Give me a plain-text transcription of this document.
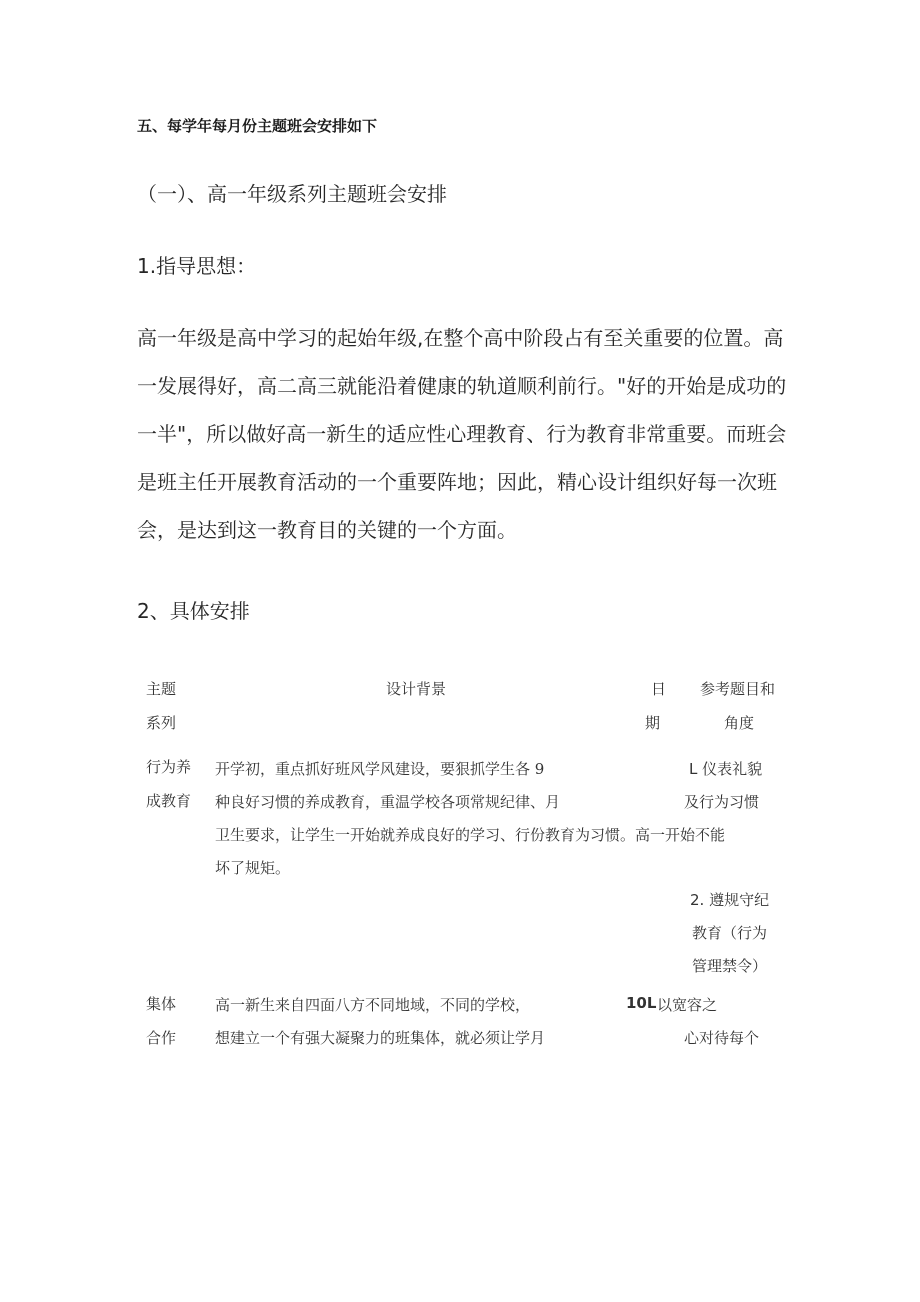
五、每学年每月份主题班会安排如下
（一）、高一年级系列主题班会安排
1.指导思想：
高一年级是高中学习的起始年级,在整个高中阶段占有至关重要的位置。高
一发展得好，高二高三就能沿着健康的轨道顺利前行。"好的开始是成功的
一半"，所以做好高一新生的适应性心理教育、行为教育非常重要。而班会
是班主任开展教育活动的一个重要阵地；因此，精心设计组织好每一次班
会，是达到这一教育目的关键的一个方面。
2、具体安排
主题
系列
设计背景	日
期
参考题目和
角度
行为养
成教育
开学初，重点抓好班风学风建设，要狠抓学生各 9
种良好习惯的养成教育，重温学校各项常规纪律、月
卫生要求，让学生一开始就养成良好的学习、行份教育为习惯。高一开始不能
坏了规矩。
L 仪表礼貌
及行为习惯
2. 遵规守纪
教育（行为
管理禁令）
集体
合作
高一新生来自四面八方不同地域，不同的学校，
想建立一个有强大凝聚力的班集体，就必须让学月
10L 以宽容之
心对待每个
